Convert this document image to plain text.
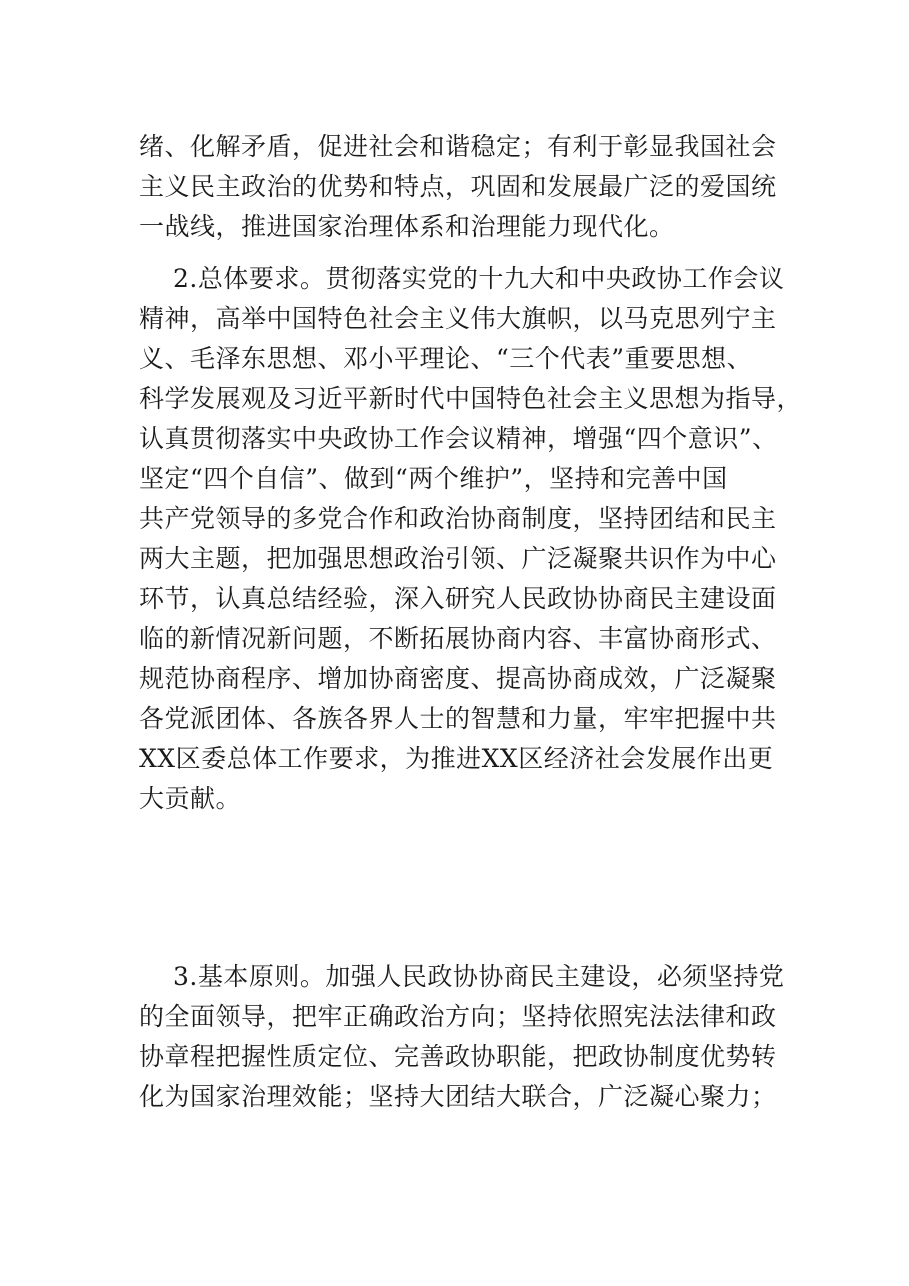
绪、化解矛盾，促进社会和谐稳定；有利于彰显我国社会
主义民主政治的优势和特点，巩固和发展最广泛的爱国统
一战线，推进国家治理体系和治理能力现代化。
2.总体要求。贯彻落实党的十九大和中央政协工作会议
精神，高举中国特色社会主义伟大旗帜，以马克思列宁主
义、毛泽东思想、邓小平理论、“三个代表”重要思想、
科学发展观及习近平新时代中国特色社会主义思想为指导，
认真贯彻落实中央政协工作会议精神，增强“四个意识”、
坚定“四个自信”、做到“两个维护”，坚持和完善中国
共产党领导的多党合作和政治协商制度，坚持团结和民主
两大主题，把加强思想政治引领、广泛凝聚共识作为中心
环节，认真总结经验，深入研究人民政协协商民主建设面
临的新情况新问题，不断拓展协商内容、丰富协商形式、
规范协商程序、增加协商密度、提高协商成效，广泛凝聚
各党派团体、各族各界人士的智慧和力量，牢牢把握中共
XX区委总体工作要求，为推进XX区经济社会发展作出更
大贡献。
3.基本原则。加强人民政协协商民主建设，必须坚持党
的全面领导，把牢正确政治方向；坚持依照宪法法律和政
协章程把握性质定位、完善政协职能，把政协制度优势转
化为国家治理效能；坚持大团结大联合，广泛凝心聚力；
